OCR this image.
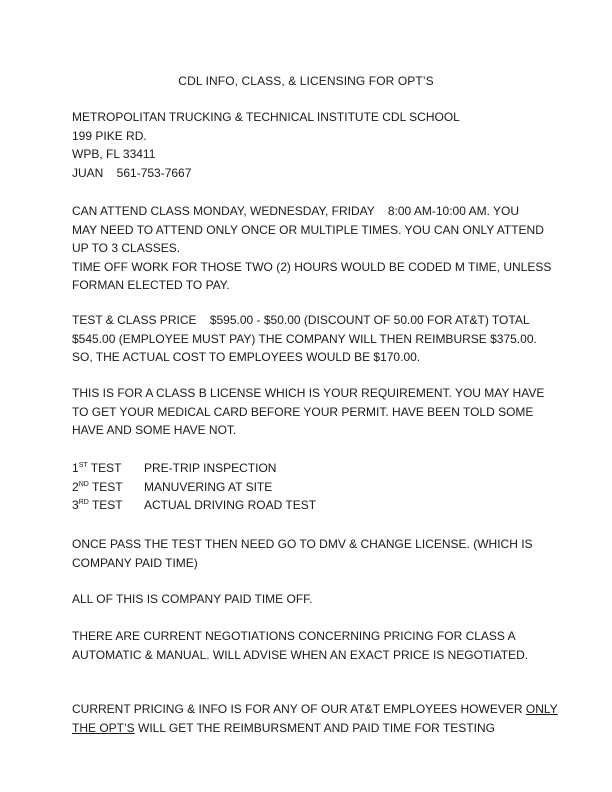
CDL INFO, CLASS, & LICENSING FOR OPT’S

METROPOLITAN TRUCKING & TECHNICAL INSTITUTE CDL SCHOOL

199 PIKE RD.

WPB, FL 33411

JUAN    561-753-7667

CAN ATTEND CLASS MONDAY, WEDNESDAY, FRIDAY    8:00 AM-10:00 AM. YOU

MAY NEED TO ATTEND ONLY ONCE OR MULTIPLE TIMES. YOU CAN ONLY ATTEND

UP TO 3 CLASSES.

TIME OFF WORK FOR THOSE TWO (2) HOURS WOULD BE CODED M TIME, UNLESS

FORMAN ELECTED TO PAY.

TEST & CLASS PRICE    $595.00 - $50.00 (DISCOUNT OF 50.00 FOR AT&T) TOTAL

$545.00 (EMPLOYEE MUST PAY) THE COMPANY WILL THEN REIMBURSE $375.00.

SO, THE ACTUAL COST TO EMPLOYEES WOULD BE $170.00.

THIS IS FOR A CLASS B LICENSE WHICH IS YOUR REQUIREMENT. YOU MAY HAVE

TO GET YOUR MEDICAL CARD BEFORE YOUR PERMIT. HAVE BEEN TOLD SOME

HAVE AND SOME HAVE NOT.

1ST TEST	PRE-TRIP INSPECTION
2ND TEST	MANUVERING AT SITE
3RD TEST	ACTUAL DRIVING ROAD TEST

ONCE PASS THE TEST THEN NEED GO TO DMV & CHANGE LICENSE. (WHICH IS

COMPANY PAID TIME)

ALL OF THIS IS COMPANY PAID TIME OFF.

THERE ARE CURRENT NEGOTIATIONS CONCERNING PRICING FOR CLASS A

AUTOMATIC & MANUAL. WILL ADVISE WHEN AN EXACT PRICE IS NEGOTIATED.

CURRENT PRICING & INFO IS FOR ANY OF OUR AT&T EMPLOYEES HOWEVER ONLY

THE OPT’S WILL GET THE REIMBURSMENT AND PAID TIME FOR TESTING
